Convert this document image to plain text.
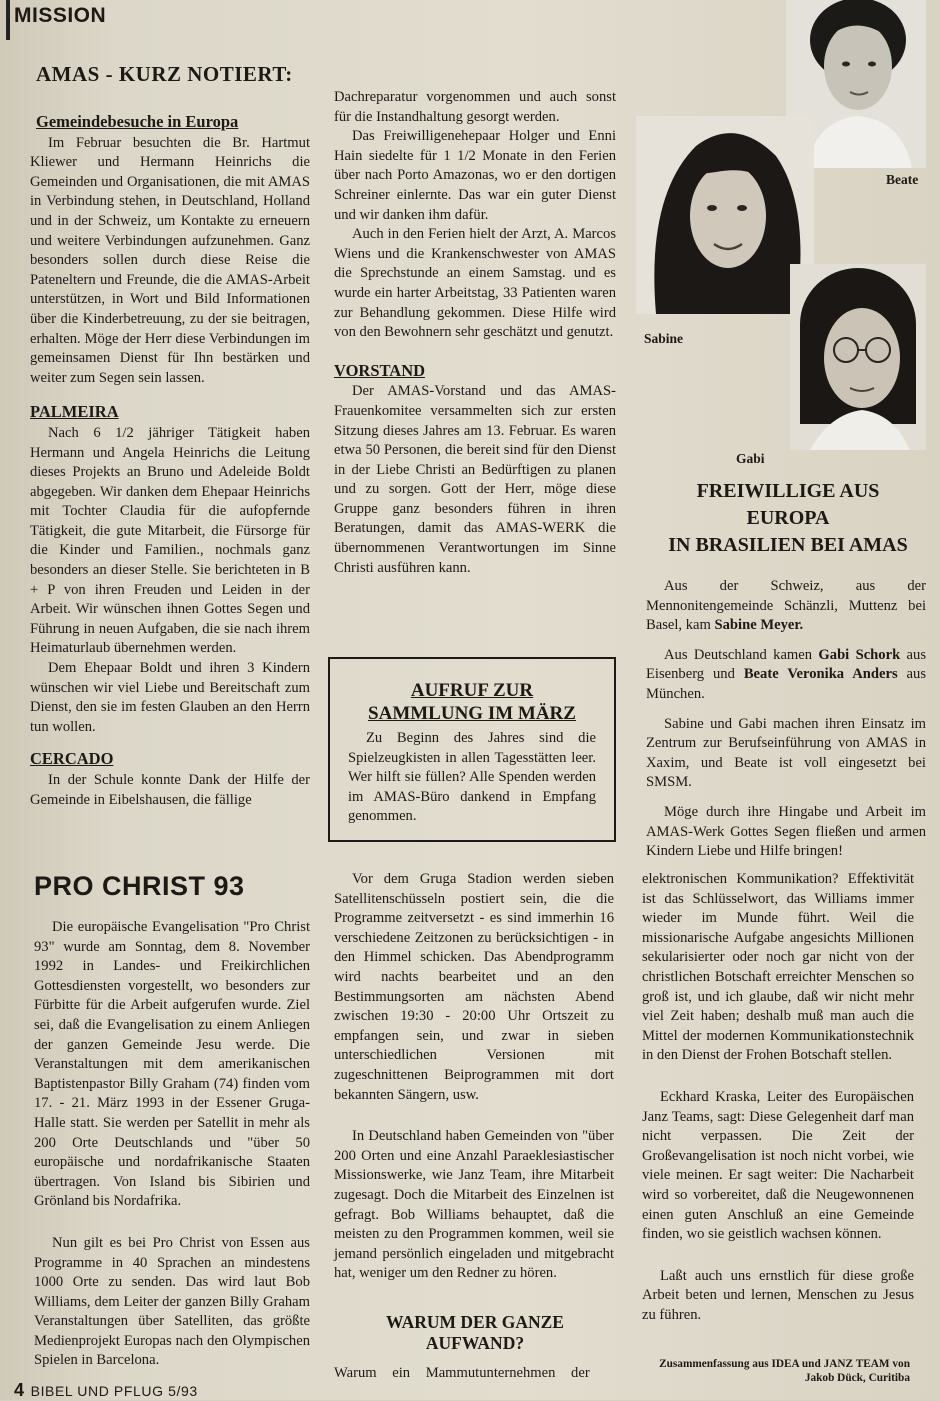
MISSION
AMAS - KURZ NOTIERT:
Gemeindebesuche in Europa

Im Februar besuchten die Br. Hartmut Kliewer und Hermann Heinrichs die Gemeinden und Organisationen, die mit AMAS in Verbindung stehen, in Deutschland, Holland und in der Schweiz, um Kontakte zu erneuern und weitere Verbindungen aufzunehmen. Ganz besonders sollen durch diese Reise die Pateneltern und Freunde, die die AMAS-Arbeit unterstützen, in Wort und Bild Informationen über die Kinderbetreuung, zu der sie beitragen, erhalten. Möge der Herr diese Verbindungen im gemeinsamen Dienst für Ihn bestärken und weiter zum Segen sein lassen.

PALMEIRA

Nach 6 1/2 jähriger Tätigkeit haben Hermann und Angela Heinrichs die Leitung dieses Projekts an Bruno und Adeleide Boldt abgegeben. Wir danken dem Ehepaar Heinrichs mit Tochter Claudia für die aufopfernde Tätigkeit, die gute Mitarbeit, die Fürsorge für die Kinder und Familien., nochmals ganz besonders an dieser Stelle. Sie berichteten in B + P von ihren Freuden und Leiden in der Arbeit. Wir wünschen ihnen Gottes Segen und Führung in neuen Aufgaben, die sie nach ihrem Heimaturlaub übernehmen werden.

Dem Ehepaar Boldt und ihren 3 Kindern wünschen wir viel Liebe und Bereitschaft zum Dienst, den sie im festen Glauben an den Herrn tun wollen.

CERCADO

In der Schule konnte Dank der Hilfe der Gemeinde in Eibelshausen, die fällige

Dachreparatur vorgenommen und auch sonst für die Instandhaltung gesorgt werden.

Das Freiwilligenehepaar Holger und Enni Hain siedelte für 1 1/2 Monate in den Ferien über nach Porto Amazonas, wo er den dortigen Schreiner einlernte. Das war ein guter Dienst und wir danken ihm dafür.

Auch in den Ferien hielt der Arzt, A. Marcos Wiens und die Krankenschwester von AMAS die Sprechstunde an einem Samstag. und es wurde ein harter Arbeitstag, 33 Patienten waren zur Behandlung gekommen. Diese Hilfe wird von den Bewohnern sehr geschätzt und genutzt.

VORSTAND

Der AMAS-Vorstand und das AMAS-Frauenkomitee versammelten sich zur ersten Sitzung dieses Jahres am 13. Februar. Es waren etwa 50 Personen, die bereit sind für den Dienst in der Liebe Christi an Bedürftigen zu planen und zu sorgen. Gott der Herr, möge diese Gruppe ganz besonders führen in ihren Beratungen, damit das AMAS-WERK die übernommenen Verantwortungen im Sinne Christi ausführen kann.

AUFRUF ZUR
SAMMLUNG IM MÄRZ

Zu Beginn des Jahres sind die Spielzeugkisten in allen Tagesstätten leer. Wer hilft sie füllen? Alle Spenden werden im AMAS-Büro dankend in Empfang genommen.

Beate
Sabine
Gabi
FREIWILLIGE AUS
EUROPA
IN BRASILIEN BEI AMAS

Aus der Schweiz, aus der Mennonitengemeinde Schänzli, Muttenz bei Basel, kam Sabine Meyer.

Aus Deutschland kamen Gabi Schork aus Eisenberg und Beate Veronika Anders aus München.

Sabine und Gabi machen ihren Einsatz im Zentrum zur Berufseinführung von AMAS in Xaxim, und Beate ist voll eingesetzt bei SMSM.

Möge durch ihre Hingabe und Arbeit im AMAS-Werk Gottes Segen fließen und armen Kindern Liebe und Hilfe bringen!

PRO CHRIST 93

Die europäische Evangelisation "Pro Christ 93" wurde am Sonntag, dem 8. November 1992 in Landes- und Freikirchlichen Gottesdiensten vorgestellt, wo besonders zur Fürbitte für die Arbeit aufgerufen wurde. Ziel sei, daß die Evangelisation zu einem Anliegen der ganzen Gemeinde Jesu werde. Die Veranstaltungen mit dem amerikanischen Baptistenpastor Billy Graham (74) finden vom 17. - 21. März 1993 in der Essener Gruga-Halle statt. Sie werden per Satellit in mehr als 200 Orte Deutschlands und "über 50 europäische und nordafrikanische Staaten übertragen. Von Island bis Sibirien und Grönland bis Nordafrika.

Nun gilt es bei Pro Christ von Essen aus Programme in 40 Sprachen an mindestens 1000 Orte zu senden. Das wird laut Bob Williams, dem Leiter der ganzen Billy Graham Veranstaltungen über Satelliten, das größte Medienprojekt Europas nach den Olympischen Spielen in Barcelona.

Vor dem Gruga Stadion werden sieben Satellitenschüsseln postiert sein, die die Programme zeitversetzt - es sind immerhin 16 verschiedene Zeitzonen zu berücksichtigen - in den Himmel schicken. Das Abendprogramm wird nachts bearbeitet und an den Bestimmungsorten am nächsten Abend zwischen 19:30 - 20:00 Uhr Ortszeit zu empfangen sein, und zwar in sieben unterschiedlichen Versionen mit zugeschnittenen Beiprogrammen mit dort bekannten Sängern, usw.

In Deutschland haben Gemeinden von "über 200 Orten und eine Anzahl Paraeklesiastischer Missionswerke, wie Janz Team, ihre Mitarbeit zugesagt. Doch die Mitarbeit des Einzelnen ist gefragt. Bob Williams behauptet, daß die meisten zu den Programmen kommen, weil sie jemand persönlich eingeladen und mitgebracht hat, weniger um den Redner zu hören.

WARUM DER GANZE
AUFWAND?

Warum ein Mammutunternehmen der

elektronischen Kommunikation? Effektivität ist das Schlüsselwort, das Williams immer wieder im Munde führt. Weil die missionarische Aufgabe angesichts Millionen sekularisierter oder noch gar nicht von der christlichen Botschaft erreichter Menschen so groß ist, und ich glaube, daß wir nicht mehr viel Zeit haben; deshalb muß man auch die Mittel der modernen Kommunikationstechnik in den Dienst der Frohen Botschaft stellen.

Eckhard Kraska, Leiter des Europäischen Janz Teams, sagt: Diese Gelegenheit darf man nicht verpassen. Die Zeit der Großevangelisation ist noch nicht vorbei, wie viele meinen. Er sagt weiter: Die Nacharbeit wird so vorbereitet, daß die Neugewonnenen einen guten Anschluß an eine Gemeinde finden, wo sie geistlich wachsen können.

Laßt auch uns ernstlich für diese große Arbeit beten und lernen, Menschen zu Jesus zu führen.

Zusammenfassung aus IDEA und JANZ TEAM von
Jakob Dück, Curitiba
4 BIBEL UND PFLUG 5/93
